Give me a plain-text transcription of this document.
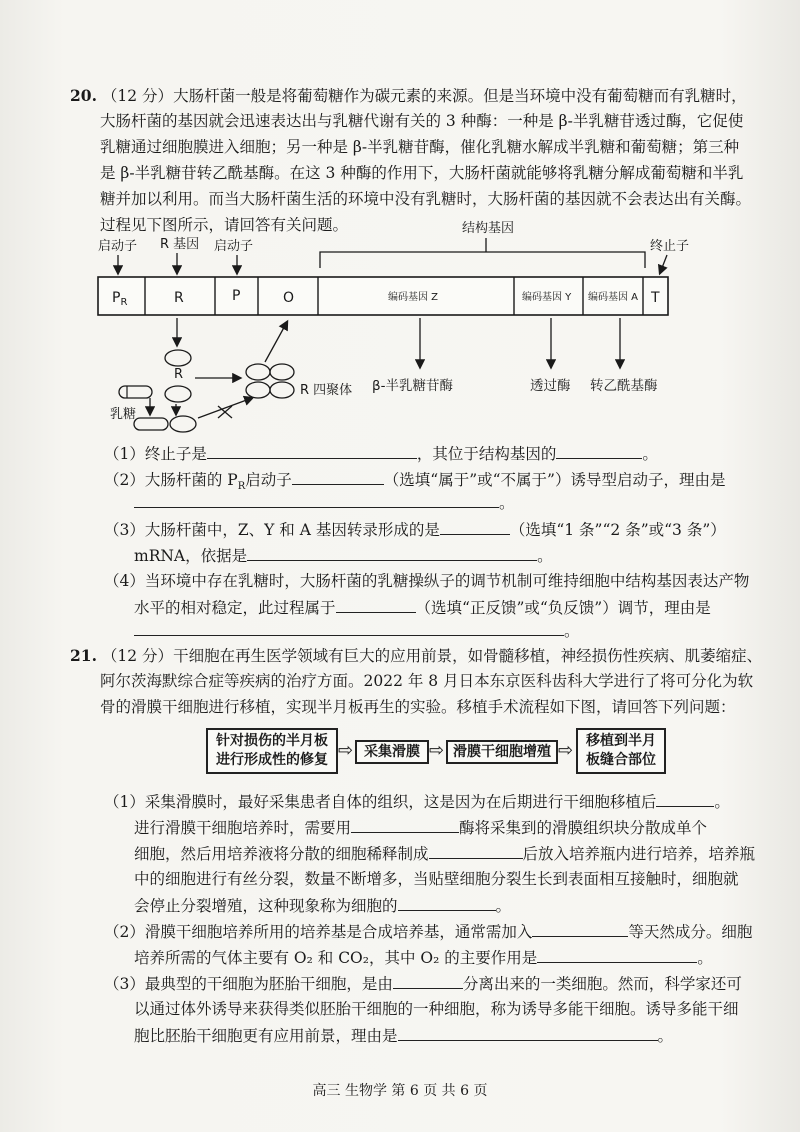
20. （12 分）大肠杆菌一般是将葡萄糖作为碳元素的来源。但是当环境中没有葡萄糖而有乳糖时，
大肠杆菌的基因就会迅速表达出与乳糖代谢有关的 3 种酶：一种是 β-半乳糖苷透过酶，它促使
乳糖通过细胞膜进入细胞；另一种是 β-半乳糖苷酶，催化乳糖水解成半乳糖和葡萄糖；第三种
是 β-半乳糖苷转乙酰基酶。在这 3 种酶的作用下，大肠杆菌就能够将乳糖分解成葡萄糖和半乳
糖并加以利用。而当大肠杆菌生活的环境中没有乳糖时，大肠杆菌的基因就不会表达出有关酶。
过程见下图所示，请回答有关问题。
启动子 R 基因 启动子
结构基因
终止子
$P_R$	R	P	O	编码基因 Z	编码基因 Y 编码基因 A T
R
R 四聚体
乳糖
β-半乳糖苷酶	透过酶 转乙酰基酶
（1）终止子是	，其位于结构基因的	。
（2）大肠杆菌的 $P_R$启动子	（选填“属于”或“不属于”）诱导型启动子，理由是
。
（3）大肠杆菌中，Z、Y 和 A 基因转录形成的是	（选填“1 条”“2 条”或“3 条”）
mRNA，依据是	。
（4）当环境中存在乳糖时，大肠杆菌的乳糖操纵子的调节机制可维持细胞中结构基因表达产物
水平的相对稳定，此过程属于	（选填“正反馈”或“负反馈”）调节，理由是
。
21. （12 分）干细胞在再生医学领域有巨大的应用前景，如骨髓移植，神经损伤性疾病、肌萎缩症、
阿尔茨海默综合症等疾病的治疗方面。2022 年 8 月日本东京医科齿科大学进行了将可分化为软
骨的滑膜干细胞进行移植，实现半月板再生的实验。移植手术流程如下图，请回答下列问题：
针对损伤的半月板
进行形成性的修复 ⇨ 采集滑膜 ⇨ 滑膜干细胞增殖 ⇨ 移植到半月
板缝合部位
（1）采集滑膜时，最好采集患者自体的组织，这是因为在后期进行干细胞移植后	。
进行滑膜干细胞培养时，需要用	酶将采集到的滑膜组织块分散成单个
细胞，然后用培养液将分散的细胞稀释制成	后放入培养瓶内进行培养，培养瓶
中的细胞进行有丝分裂，数量不断增多，当贴壁细胞分裂生长到表面相互接触时，细胞就
会停止分裂增殖，这种现象称为细胞的	。
（2）滑膜干细胞培养所用的培养基是合成培养基，通常需加入	等天然成分。细胞
培养所需的气体主要有 O₂ 和 CO₂，其中 O₂ 的主要作用是	。
（3）最典型的干细胞为胚胎干细胞，是由	分离出来的一类细胞。然而，科学家还可
以通过体外诱导来获得类似胚胎干细胞的一种细胞，称为诱导多能干细胞。诱导多能干细
胞比胚胎干细胞更有应用前景，理由是	。
高三 生物学 第 6 页 共 6 页
